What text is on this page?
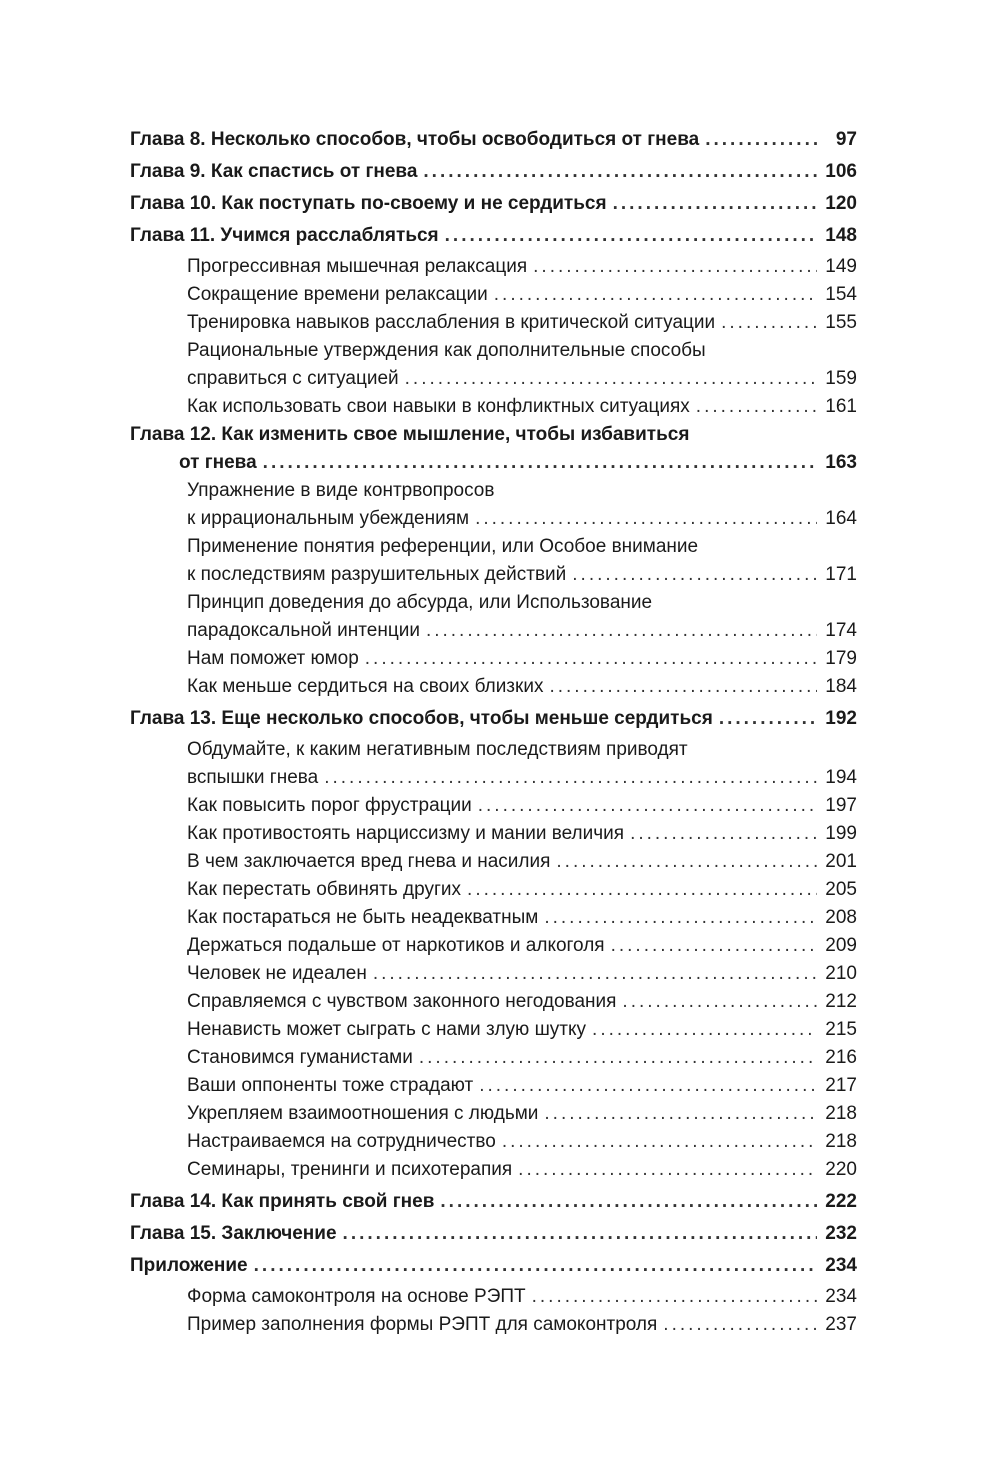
Глава 8. Несколько способов, чтобы освободиться от гнева .....	97
Глава 9. Как спастись от гнева .....	106
Глава 10. Как поступать по-своему и не сердиться .....	120
Глава 11. Учимся расслабляться .....	148
Прогрессивная мышечная релаксация .....	149
Сокращение времени релаксации .....	154
Тренировка навыков расслабления в критической ситуации .....	155
Рациональные утверждения как дополнительные способы
справиться с ситуацией .....	159
Как использовать свои навыки в конфликтных ситуациях .....	161
Глава 12. Как изменить свое мышление, чтобы избавиться
от гнева .....	163
Упражнение в виде контрвопросов
к иррациональным убеждениям .....	164
Применение понятия референции, или Особое внимание
к последствиям разрушительных действий .....	171
Принцип доведения до абсурда, или Использование
парадоксальной интенции .....	174
Нам поможет юмор .....	179
Как меньше сердиться на своих близких .....	184
Глава 13. Еще несколько способов, чтобы меньше сердиться .....	192
Обдумайте, к каким негативным последствиям приводят
вспышки гнева .....	194
Как повысить порог фрустрации .....	197
Как противостоять нарциссизму и мании величия .....	199
В чем заключается вред гнева и насилия .....	201
Как перестать обвинять других .....	205
Как постараться не быть неадекватным .....	208
Держаться подальше от наркотиков и алкоголя .....	209
Человек не идеален .....	210
Справляемся с чувством законного негодования .....	212
Ненависть может сыграть с нами злую шутку .....	215
Становимся гуманистами .....	216
Ваши оппоненты тоже страдают .....	217
Укрепляем взаимоотношения с людьми .....	218
Настраиваемся на сотрудничество .....	218
Семинары, тренинги и психотерапия .....	220
Глава 14. Как принять свой гнев .....	222
Глава 15. Заключение .....	232
Приложение .....	234
Форма самоконтроля на основе РЭПТ .....	234
Пример заполнения формы РЭПТ для самоконтроля .....	237
